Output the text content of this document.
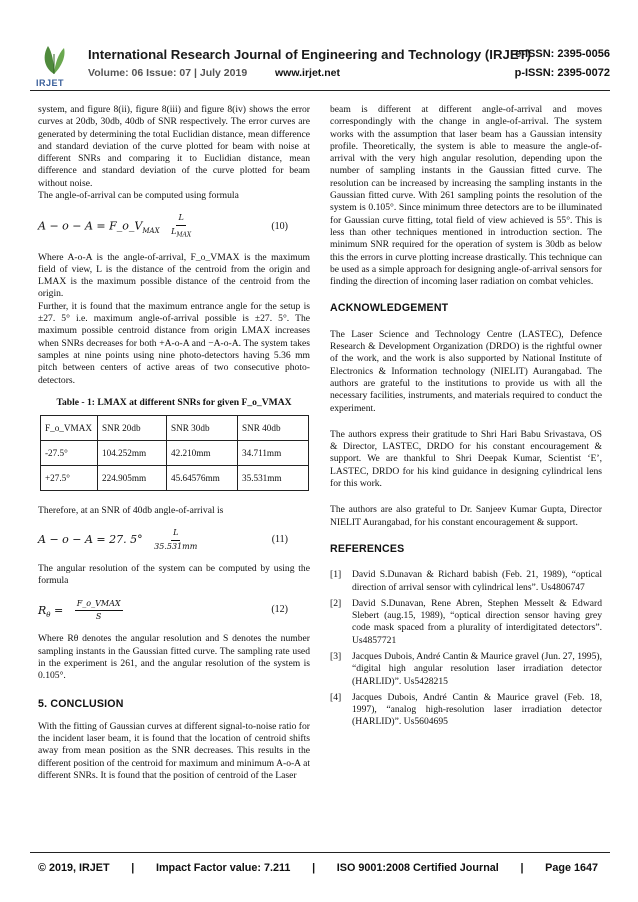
IRJET
International Research Journal of Engineering and Technology (IRJET)
e-ISSN: 2395-0056
Volume: 06 Issue: 07 | July 2019	www.irjet.net	p-ISSN: 2395-0072

system, and figure 8(ii), figure 8(iii) and figure 8(iv) shows the error curves at 20db, 30db, 40db of SNR respectively. The error curves are generated by determining the total Euclidian distance, mean difference and standard deviation of the curve plotted for beam with noise at different SNRs and comparing it to Euclidian distance, mean difference and standard deviation of the curve plotted for beam without noise.

The angle-of-arrival can be computed using formula

$A - o - A = F\_o\_V_{MAX} \frac{L}{L_{MAX}}$	(10)

Where A-o-A is the angle-of-arrival, F_o_VMAX is the maximum field of view, L is the distance of the centroid from the origin and LMAX is the maximum possible distance of the centroid from the origin.

Further, it is found that the maximum entrance angle for the setup is ±27. 5° i.e. maximum angle-of-arrival possible is ±27. 5°. The maximum possible centroid distance from origin LMAX increases when SNRs decreases for both +A-o-A and −A-o-A. The system takes samples at nine points using nine photo-detectors having 5.36 mm pitch between centers of active areas of two consecutive photo-detectors.

Table - 1: LMAX at different SNRs for given F_o_VMAX
F_o_VMAX	SNR 20db	SNR 30db	SNR 40db
-27.5°	104.252mm	42.210mm	34.711mm
+27.5°	224.905mm	45.64576mm	35.531mm

Therefore, at an SNR of 40db angle-of-arrival is

A − o − A = 27. $5^\circ \frac{L}{35.531mm}$	(11)

The angular resolution of the system can be computed by using the formula

$R_\theta = \frac{\text{F\_o\_VMAX}}{S}$	(12)

Where Rθ denotes the angular resolution and S denotes the number sampling instants in the Gaussian fitted curve. The sampling rate used in the experiment is 261, and the angular resolution of the system is 0.105°.

5. CONCLUSION

With the fitting of Gaussian curves at different signal-to-noise ratio for the incident laser beam, it is found that the location of centroid shifts away from mean position as the SNR decreases. This results in the different position of the centroid for maximum and minimum A-o-A at different SNRs. It is found that the position of centroid of the Laser

beam is different at different angle-of-arrival and moves correspondingly with the change in angle-of-arrival. The system works with the assumption that laser beam has a Gaussian intensity profile. Theoretically, the system is able to measure the angle-of-arrival with the very high angular resolution, depending upon the number of sampling instants in the Gaussian fitted curve. The resolution can be increased by increasing the sampling instants in the Gaussian fitted curve. With 261 sampling points the resolution of the system is 0.105°. Since minimum three detectors are to be illuminated for Gaussian curve fitting, total field of view achieved is 55°. This is less than other techniques mentioned in introduction section. The minimum SNR required for the operation of system is 30db as below this the errors in curve plotting increase drastically. This technique can be used as a simple approach for designing angle-of-arrival sensors for finding the direction of incoming laser radiation on combat vehicles.

ACKNOWLEDGEMENT

The Laser Science and Technology Centre (LASTEC), Defence Research & Development Organization (DRDO) is the rightful owner of the work, and the work is also supported by National Institute of Electronics & Information technology (NIELIT) Aurangabad. The authors are grateful to the institutions to provide us with all the necessary facilities, instruments, and materials required to conduct the experiment.

The authors express their gratitude to Shri Hari Babu Srivastava, OS & Director, LASTEC, DRDO for his constant encouragement & support. We are thankful to Shri Deepak Kumar, Scientist ‘E’, LASTEC, DRDO for his kind guidance in designing cylindrical lens for this work.

The authors are also grateful to Dr. Sanjeev Kumar Gupta, Director NIELIT Aurangabad, for his constant encouragement & support.

REFERENCES
[1]	David S.Dunavan & Richard babish (Feb. 21, 1989), “optical direction of arrival sensor with cylindrical lens”. Us4806747
[2]	David S.Dunavan, Rene Abren, Stephen Messelt & Edward Slebert (aug.15, 1989), “optical direction sensor having grey code mask spaced from a plurality of interdigitated detectors”. Us4857721
[3]	Jacques Dubois, André Cantin & Maurice gravel (Jun. 27, 1995), “digital high angular resolution laser irradiation detector (HARLID)”. Us5428215
[4]	Jacques Dubois, André Cantin & Maurice gravel (Feb. 18, 1997), “analog high-resolution laser irradiation detector (HARLID)”. Us5604695
© 2019, IRJET | Impact Factor value: 7.211 | ISO 9001:2008 Certified Journal | Page 1647
